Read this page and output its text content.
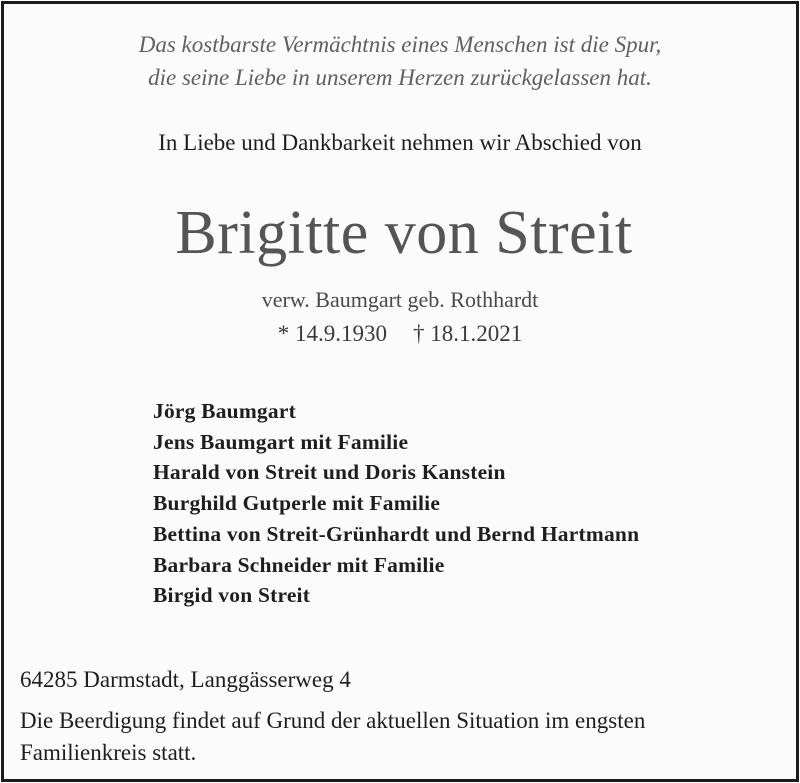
Das kostbarste Vermächtnis eines Menschen ist die Spur,
die seine Liebe in unserem Herzen zurückgelassen hat.
In Liebe und Dankbarkeit nehmen wir Abschied von
Brigitte von Streit
verw. Baumgart geb. Rothhardt
* 14.9.1930 † 18.1.2021
Jörg Baumgart
Jens Baumgart mit Familie
Harald von Streit und Doris Kanstein
Burghild Gutperle mit Familie
Bettina von Streit-Grünhardt und Bernd Hartmann
Barbara Schneider mit Familie
Birgid von Streit
64285 Darmstadt, Langgässerweg 4
Die Beerdigung findet auf Grund der aktuellen Situation im engsten
Familienkreis statt.
